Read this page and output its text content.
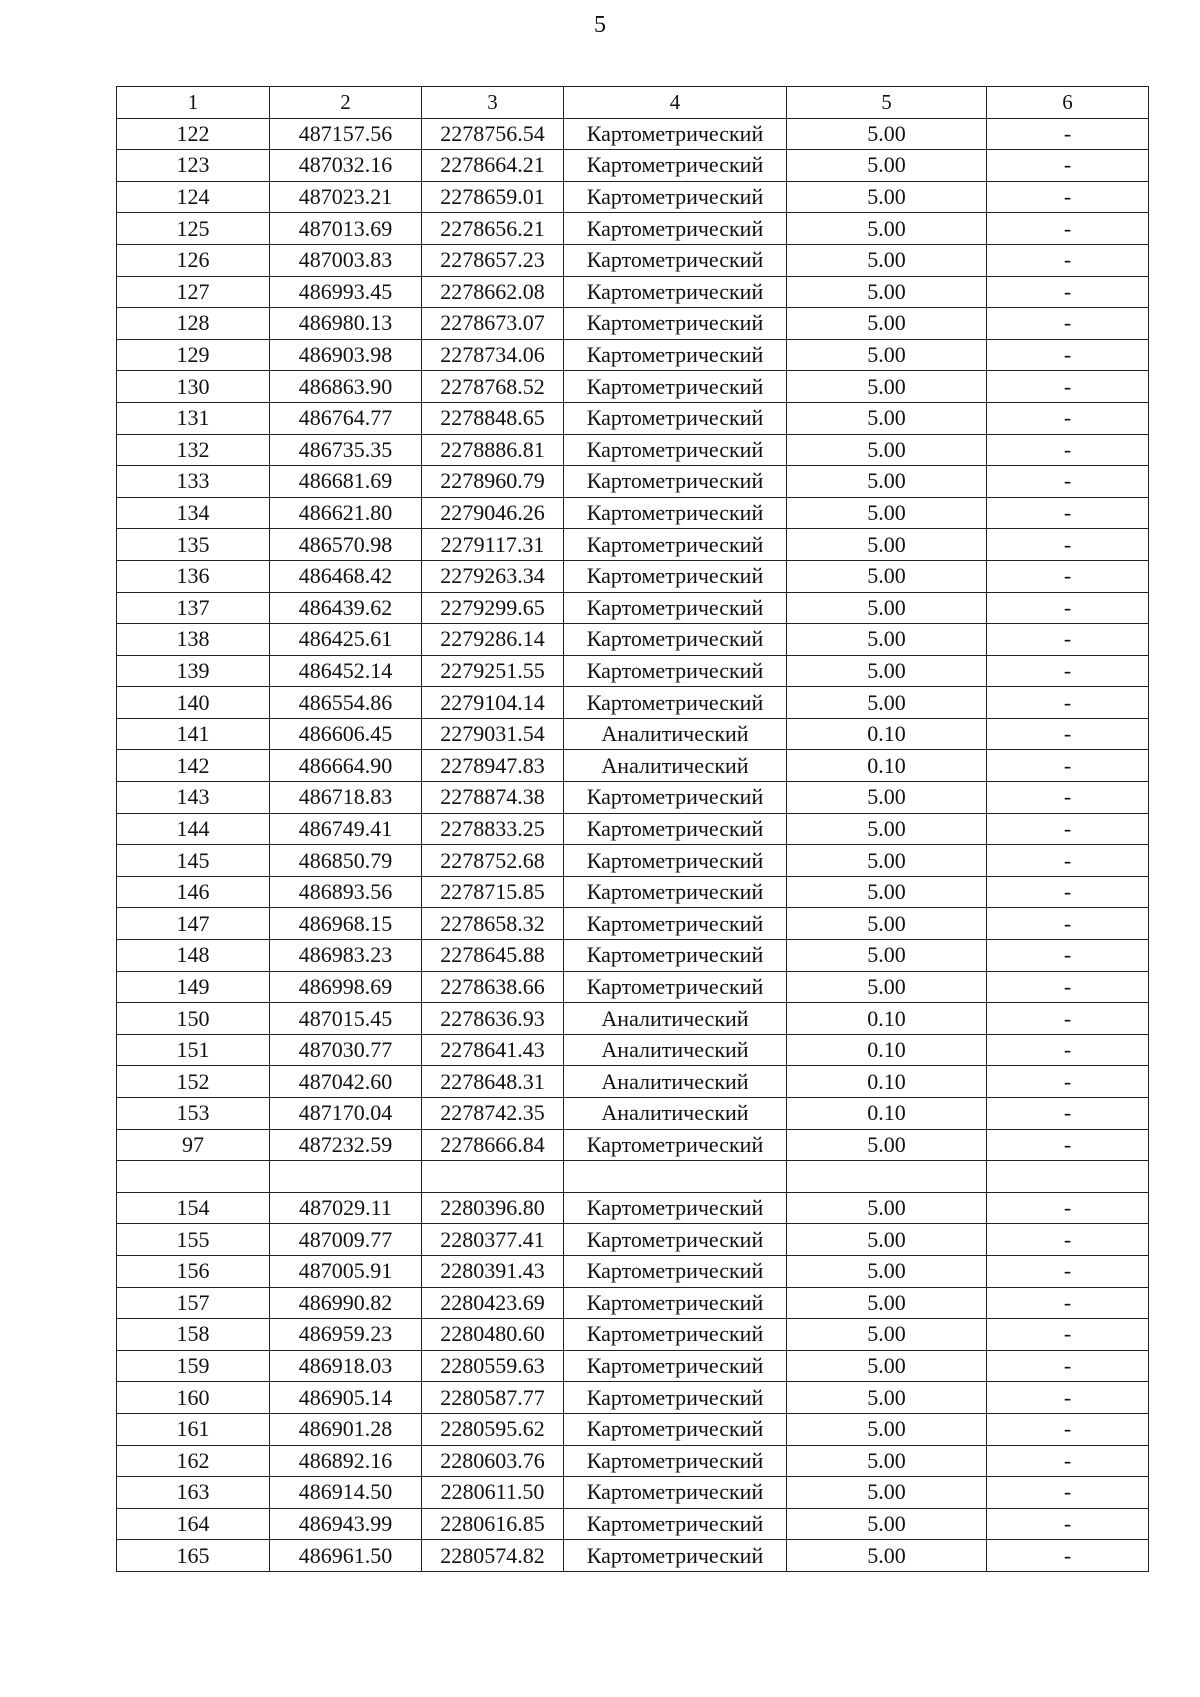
5
1	2	3	4	5	6
122	487157.56	2278756.54	Картометрический	5.00	-
123	487032.16	2278664.21	Картометрический	5.00	-
124	487023.21	2278659.01	Картометрический	5.00	-
125	487013.69	2278656.21	Картометрический	5.00	-
126	487003.83	2278657.23	Картометрический	5.00	-
127	486993.45	2278662.08	Картометрический	5.00	-
128	486980.13	2278673.07	Картометрический	5.00	-
129	486903.98	2278734.06	Картометрический	5.00	-
130	486863.90	2278768.52	Картометрический	5.00	-
131	486764.77	2278848.65	Картометрический	5.00	-
132	486735.35	2278886.81	Картометрический	5.00	-
133	486681.69	2278960.79	Картометрический	5.00	-
134	486621.80	2279046.26	Картометрический	5.00	-
135	486570.98	2279117.31	Картометрический	5.00	-
136	486468.42	2279263.34	Картометрический	5.00	-
137	486439.62	2279299.65	Картометрический	5.00	-
138	486425.61	2279286.14	Картометрический	5.00	-
139	486452.14	2279251.55	Картометрический	5.00	-
140	486554.86	2279104.14	Картометрический	5.00	-
141	486606.45	2279031.54	Аналитический	0.10	-
142	486664.90	2278947.83	Аналитический	0.10	-
143	486718.83	2278874.38	Картометрический	5.00	-
144	486749.41	2278833.25	Картометрический	5.00	-
145	486850.79	2278752.68	Картометрический	5.00	-
146	486893.56	2278715.85	Картометрический	5.00	-
147	486968.15	2278658.32	Картометрический	5.00	-
148	486983.23	2278645.88	Картометрический	5.00	-
149	486998.69	2278638.66	Картометрический	5.00	-
150	487015.45	2278636.93	Аналитический	0.10	-
151	487030.77	2278641.43	Аналитический	0.10	-
152	487042.60	2278648.31	Аналитический	0.10	-
153	487170.04	2278742.35	Аналитический	0.10	-
97	487232.59	2278666.84	Картометрический	5.00	-

154	487029.11	2280396.80	Картометрический	5.00	-
155	487009.77	2280377.41	Картометрический	5.00	-
156	487005.91	2280391.43	Картометрический	5.00	-
157	486990.82	2280423.69	Картометрический	5.00	-
158	486959.23	2280480.60	Картометрический	5.00	-
159	486918.03	2280559.63	Картометрический	5.00	-
160	486905.14	2280587.77	Картометрический	5.00	-
161	486901.28	2280595.62	Картометрический	5.00	-
162	486892.16	2280603.76	Картометрический	5.00	-
163	486914.50	2280611.50	Картометрический	5.00	-
164	486943.99	2280616.85	Картометрический	5.00	-
165	486961.50	2280574.82	Картометрический	5.00	-
